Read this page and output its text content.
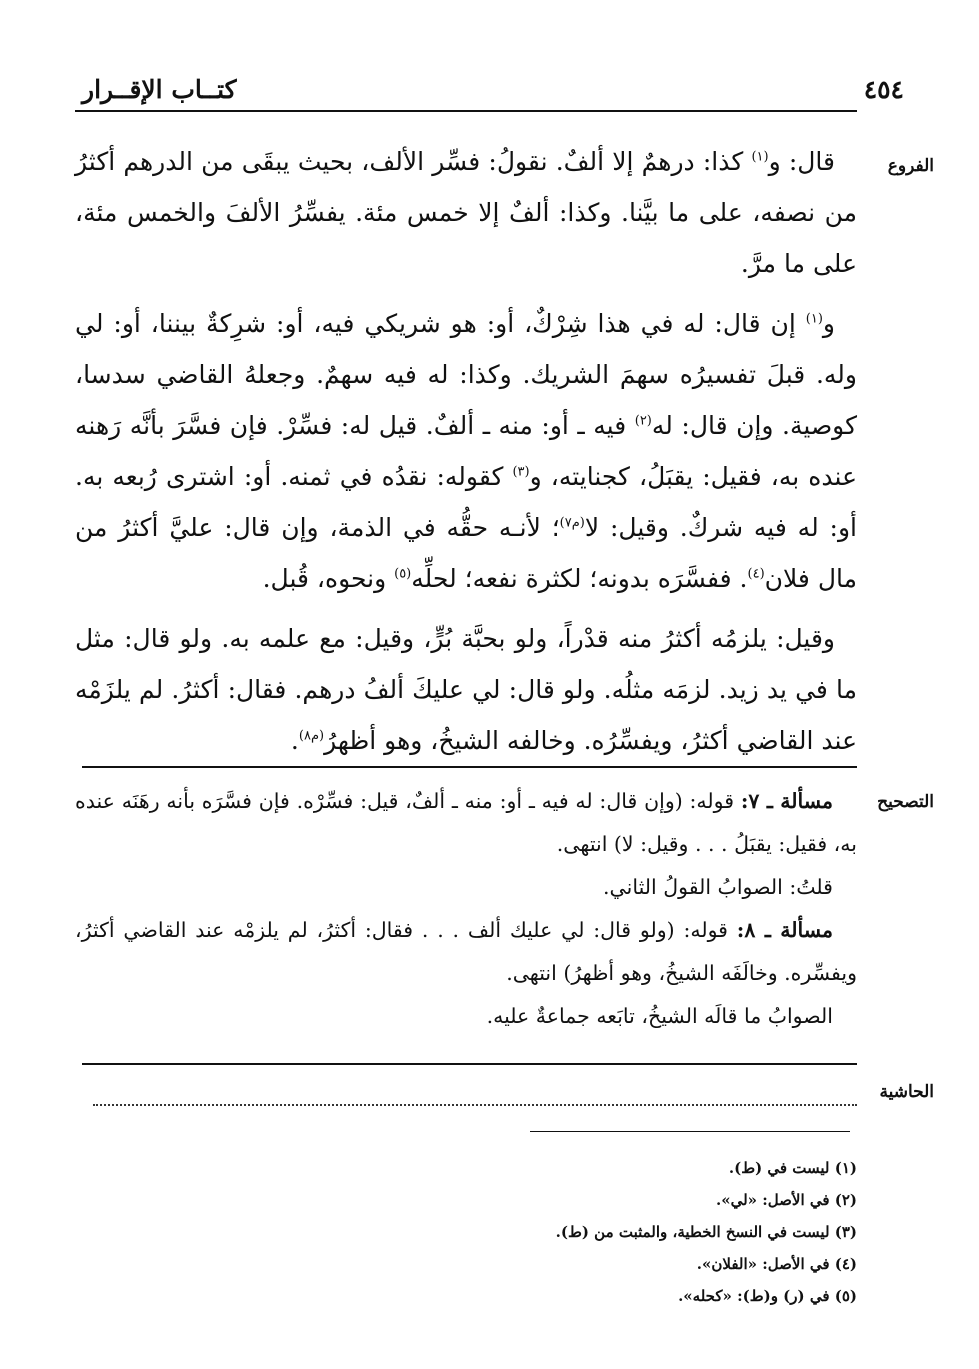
كتــاب الإقــرار	٤٥٤
الفروع

قال: و$^{(١)}$ كذا: درهمٌ إلا ألفٌ. نقولُ: فسِّر الألف، بحيث يبقَى من الدرهم أكثرُ من نصفه، على ما بيَّنا. وكذا: ألفٌ إلا خمس مئة. يفسِّرُ الألفَ والخمس مئة، على ما مرَّ.

و$^{(١)}$ إن قال: له في هذا شِرْكٌ، أو: هو شريكي فيه، أو: شرِكةٌ بيننا، أو: لي وله. قبلَ تفسيرُه سهمَ الشريك. وكذا: له فيه سهمٌ. وجعلهُ القاضي سدسا، كوصية. وإن قال: له$^{(٢)}$ فيه ـ أو: منه ـ ألفٌ. قيل له: فسِّرْ. فإن فسَّرَ بأنَّه رَهنه عنده به، فقيل: يقبَلُ، كجنايته، و$^{(٣)}$ كقوله: نقدُه في ثمنه. أو: اشترى رُبعه به. أو: له فيه شركٌ. وقيل: لا$^{(م٧)}$؛ لأنـه حقُّه في الذمة، وإن قال: عليَّ أكثرُ من مال فلان$^{(٤)}$. ففسَّرَه بدونه؛ لكثرة نفعه؛ لحلِّه$^{(٥)}$ ونحوه، قُبل.

وقيل: يلزمُه أكثرُ منه قدْراً، ولو بحبَّة بُرٍّ، وقيل: مع علمه به. ولو قال: مثل ما في يد زيد. لزمَه مثلُه. ولو قال: لي عليكَ ألفُ درهم. فقال: أكثرُ. لم يلزَمْه عند القاضي أكثرُ، ويفسِّرُه. وخالفه الشيخُ، وهو أظهرُ$^{(م٨)}$.

التصحيح

مسألة ـ ٧: قوله: (وإن قال: له فيه ـ أو: منه ـ ألفٌ، قيل: فسِّرْه. فإن فسَّرَه بأنه رهَنَه عنده به، فقيل: يقبَلُ . . . وقيل: لا) انتهى.

قلتُ: الصوابُ القولُ الثاني.

مسألة ـ ٨: قوله: (ولو قال: لي عليك ألف . . . فقال: أكثرُ، لم يلزمْه عند القاضي أكثرُ، ويفسِّره. وخالَفَه الشيخُ، وهو أظهرُ) انتهى.

الصوابُ ما قالَه الشيخُ، تابَعه جماعةٌ عليه.

الحاشية
(١) ليست في (ط).
(٢) في الأصل: «لي».
(٣) ليست في النسخ الخطية، والمثبت من (ط).
(٤) في الأصل: «الفلان».
(٥) في (ر) و(ط): «كحله».
